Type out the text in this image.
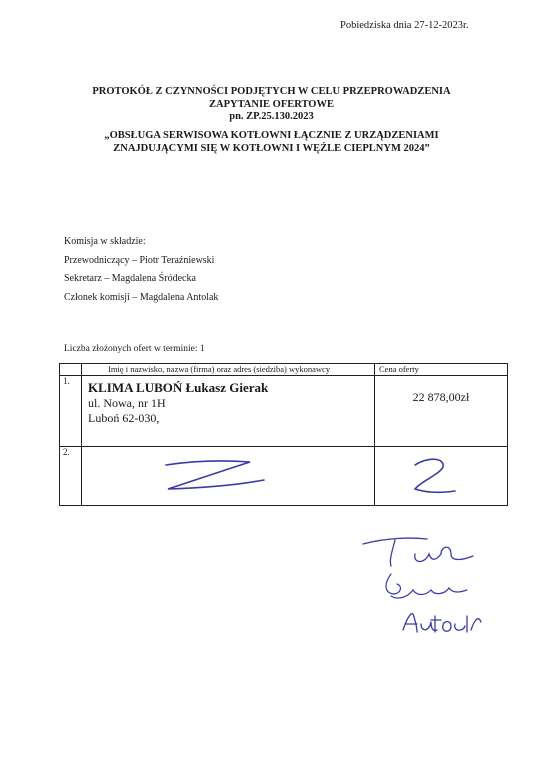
Pobiedziska dnia 27-12-2023r.
PROTOKÓŁ Z CZYNNOŚCI PODJĘTYCH W CELU PRZEPROWADZENIA
ZAPYTANIE OFERTOWE
pn. ZP.25.130.2023
„OBSŁUGA SERWISOWA KOTŁOWNI ŁĄCZNIE Z URZĄDZENIAMI
ZNAJDUJĄCYMI SIĘ W KOTŁOWNI I WĘŹLE CIEPLNYM 2024”
Komisja w składzie:
Przewodniczący – Piotr Teraźniewski
Sekretarz – Magdalena Śródecka
Członek komisji – Magdalena Antolak
Liczba złożonych ofert w terminie: 1
	Imię i nazwisko, nazwa (firma) oraz adres (siedziba) wykonawcy	Cena oferty
1.	KLIMA LUBOŃ Łukasz Gierak
ul. Nowa, nr 1H
Luboń 62-030,	22 878,00zł

2.	
